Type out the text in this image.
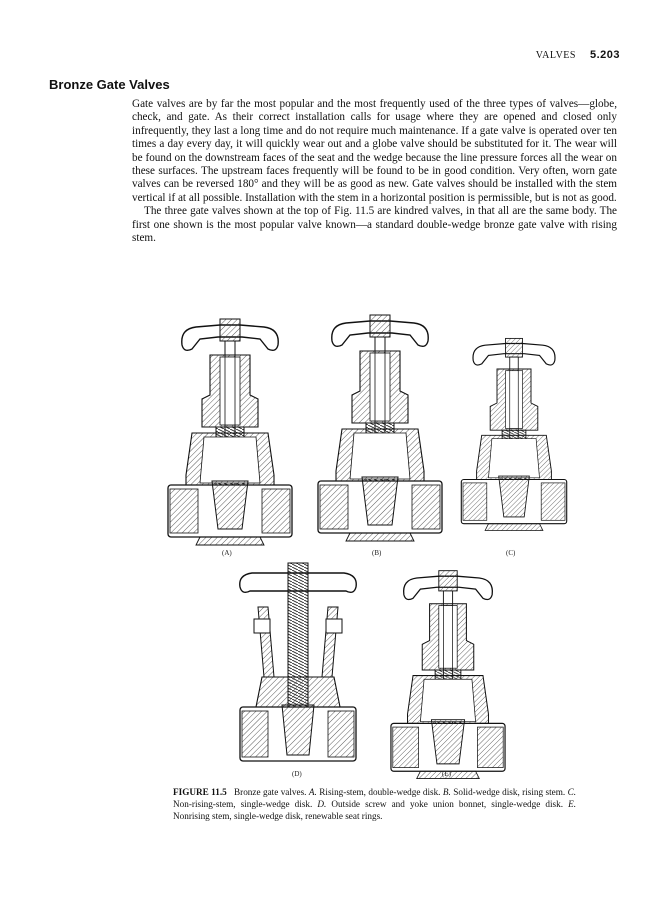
VALVES 5.203
Bronze Gate Valves

Gate valves are by far the most popular and the most frequently used of the three types of valves—globe, check, and gate. As their correct installation calls for usage where they are opened and closed only infrequently, they last a long time and do not require much maintenance. If a gate valve is operated over ten times a day every day, it will quickly wear out and a globe valve should be substituted for it. The wear will be found on the downstream faces of the seat and the wedge because the line pressure forces all the wear on these surfaces. The upstream faces frequently will be found to be in good condition. Very often, worn gate valves can be reversed 180° and they will be as good as new. Gate valves should be installed with the stem vertical if at all possible. Installation with the stem in a horizontal position is permissible, but is not as good.

The three gate valves shown at the top of Fig. 11.5 are kindred valves, in that all are the same body. The first one shown is the most popular valve known—a standard double-wedge bronze gate valve with rising stem.

(A)	(B)	(C)
(D)	(E)
FIGURE 11.5 Bronze gate valves. A. Rising-stem, double-wedge disk. B. Solid-wedge disk, rising stem. C. Non-rising-stem, single-wedge disk. D. Outside screw and yoke union bonnet, single-wedge disk. E. Nonrising stem, single-wedge disk, renewable seat rings.
